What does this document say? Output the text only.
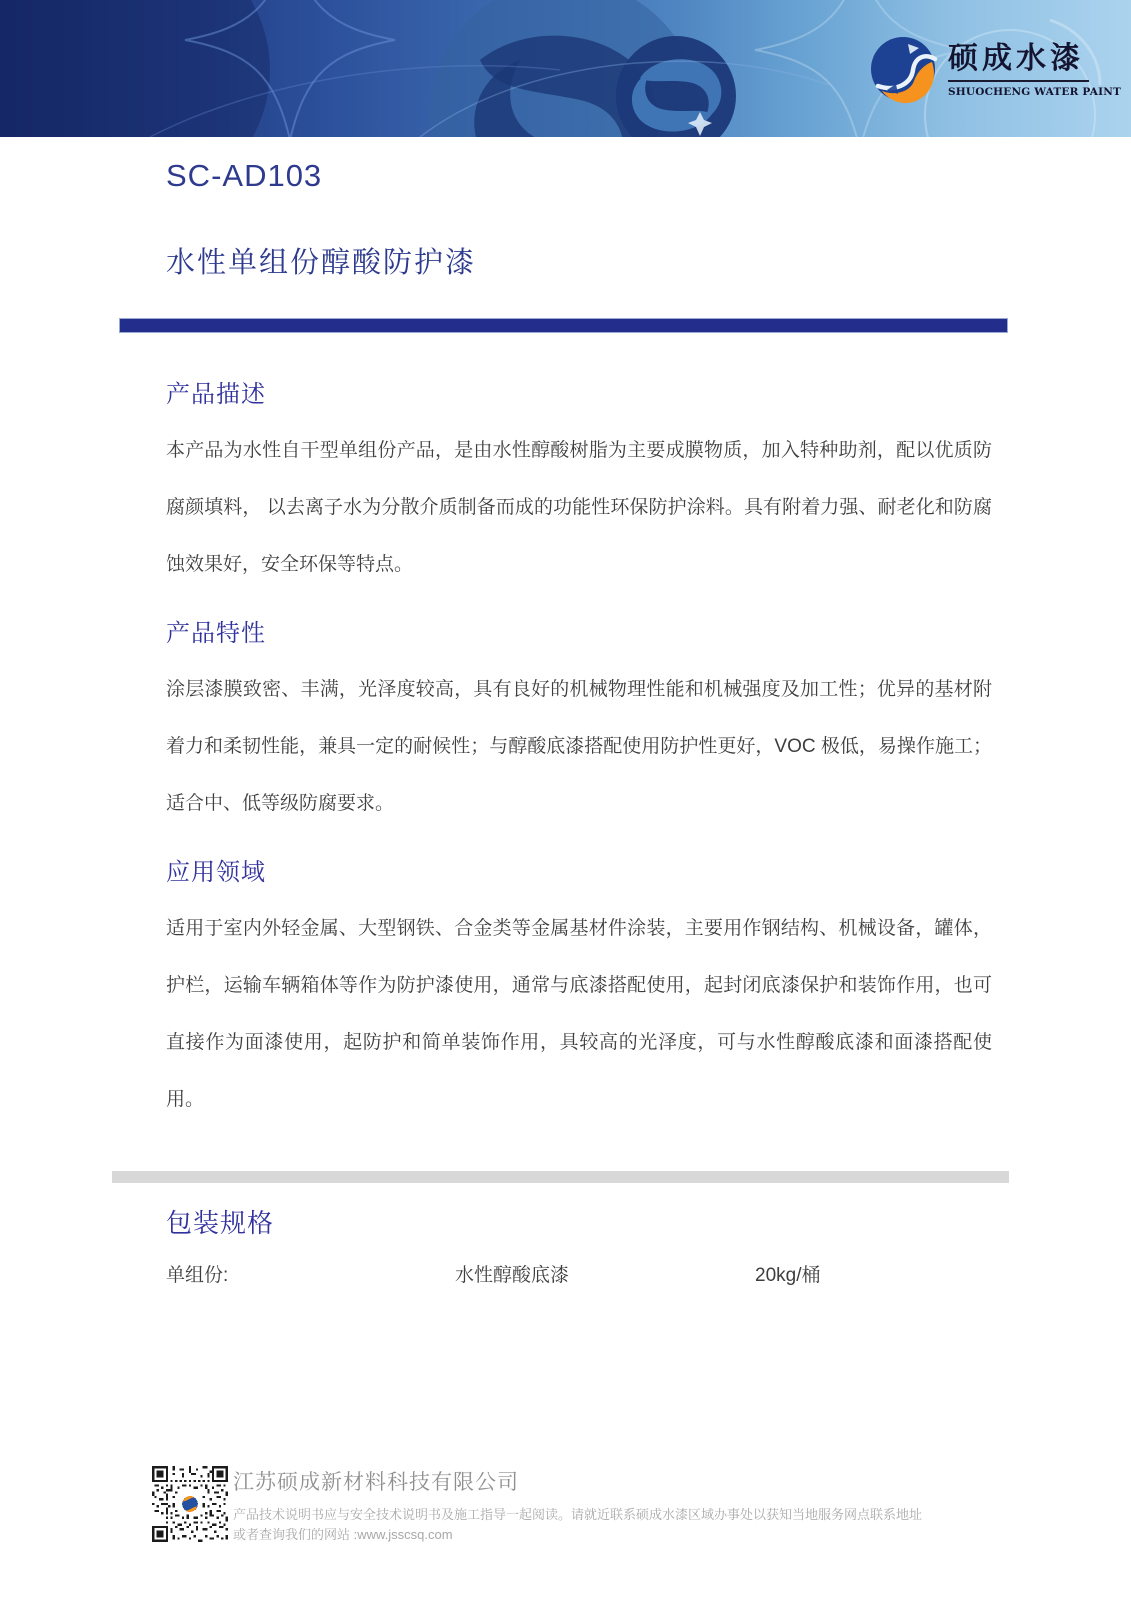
硕成水漆
SHUOCHENG WATER PAINT
SC-AD103
水性单组份醇酸防护漆
产品描述
本产品为水性自干型单组份产品，是由水性醇酸树脂为主要成膜物质，加入特种助剂，配以优质防腐颜填料， 以去离子水为分散介质制备而成的功能性环保防护涂料。具有附着力强、耐老化和防腐蚀效果好，安全环保等特点。
产品特性
涂层漆膜致密、丰满，光泽度较高，具有良好的机械物理性能和机械强度及加工性；优异的基材附着力和柔韧性能，兼具一定的耐候性；与醇酸底漆搭配使用防护性更好，VOC 极低，易操作施工；适合中、低等级防腐要求。
应用领域
适用于室内外轻金属、大型钢铁、合金类等金属基材件涂装，主要用作钢结构、机械设备，罐体，护栏，运输车辆箱体等作为防护漆使用，通常与底漆搭配使用，起封闭底漆保护和装饰作用，也可直接作为面漆使用，起防护和简单装饰作用，具较高的光泽度，可与水性醇酸底漆和面漆搭配使用。
包装规格
单组份:	水性醇酸底漆	20kg/桶
江苏硕成新材料科技有限公司
产品技术说明书应与安全技术说明书及施工指导一起阅读。请就近联系硕成水漆区域办事处以获知当地服务网点联系地址
或者查询我们的网站 :www.jsscsq.com
